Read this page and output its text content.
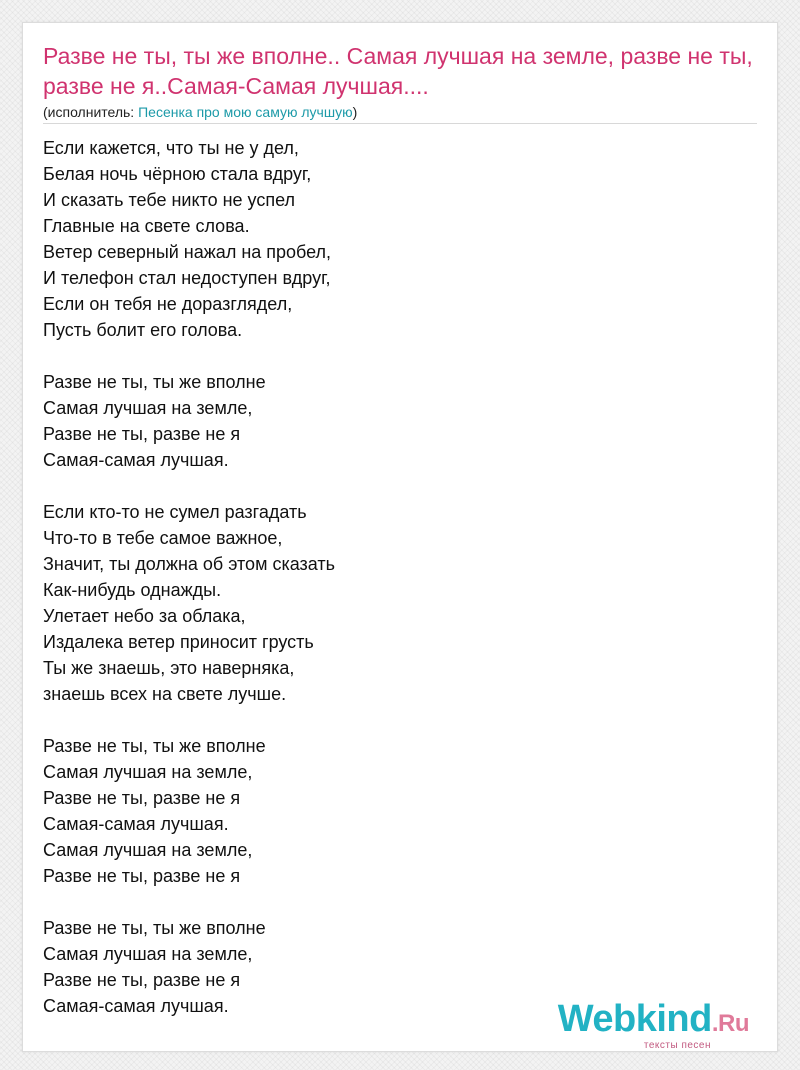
Разве не ты, ты же вполне.. Самая лучшая на земле, разве не ты, разве не я..Самая-Самая лучшая....
(исполнитель: Песенка про мою самую лучшую)
Если кажется, что ты не у дел,
Белая ночь чёрною стала вдруг,
И сказать тебе никто не успел
Главные на свете слова.
Ветер северный нажал на пробел,
И телефон стал недоступен вдруг,
Если он тебя не доразглядел,
Пусть болит его голова.
Разве не ты, ты же вполне
Самая лучшая на земле,
Разве не ты, разве не я
Самая-самая лучшая.
Если кто-то не сумел разгадать
Что-то в тебе самое важное,
Значит, ты должна об этом сказать
Как-нибудь однажды.
Улетает небо за облака,
Издалека ветер приносит грусть
Ты же знаешь, это наверняка,
знаешь всех на свете лучше.
Разве не ты, ты же вполне
Самая лучшая на земле,
Разве не ты, разве не я
Самая-самая лучшая.
Самая лучшая на земле,
Разве не ты, разве не я
Разве не ты, ты же вполне
Самая лучшая на земле,
Разве не ты, разве не я
Самая-самая лучшая.	Webkind.Ru
тексты песен
